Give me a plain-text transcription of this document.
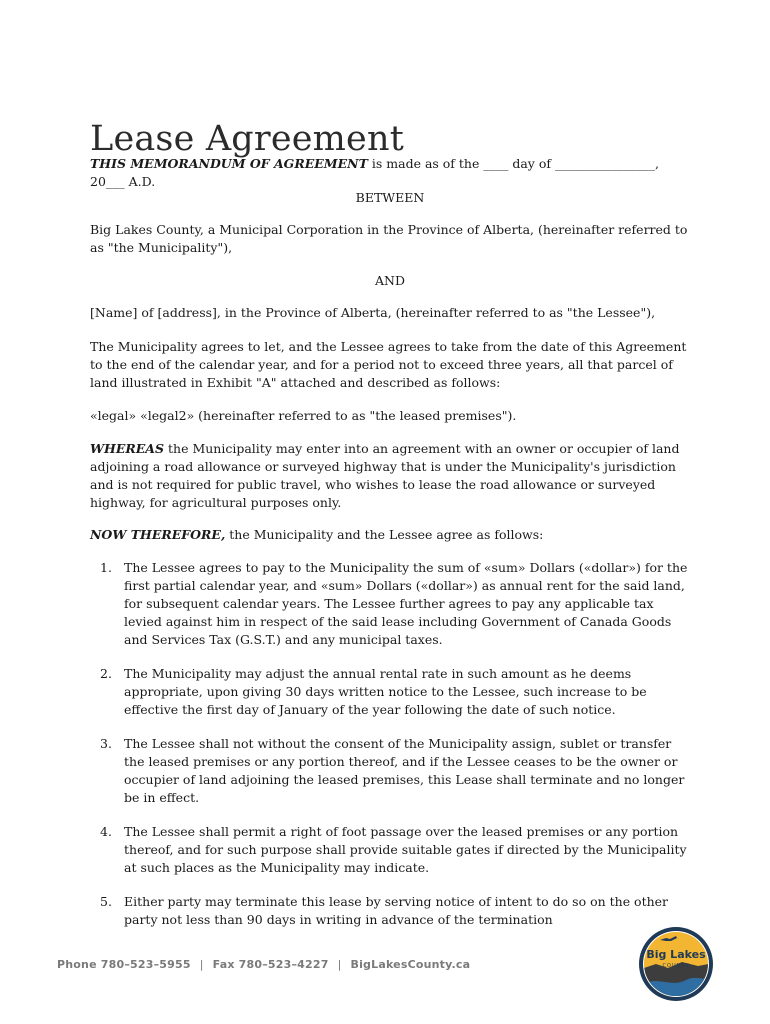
Lease Agreement

THIS MEMORANDUM OF AGREEMENT is made as of the ____ day of ________________, 20___ A.D.

BETWEEN

Big Lakes County, a Municipal Corporation in the Province of Alberta, (hereinafter referred to as "the Municipality"),

AND

[Name] of [address], in the Province of Alberta, (hereinafter referred to as "the Lessee"),

The Municipality agrees to let, and the Lessee agrees to take from the date of this Agreement to the end of the calendar year, and for a period not to exceed three years, all that parcel of land illustrated in Exhibit "A" attached and described as follows:

«legal» «legal2» (hereinafter referred to as "the leased premises").

WHEREAS the Municipality may enter into an agreement with an owner or occupier of land adjoining a road allowance or surveyed highway that is under the Municipality's jurisdiction and is not required for public travel, who wishes to lease the road allowance or surveyed highway, for agricultural purposes only.

NOW THEREFORE, the Municipality and the Lessee agree as follows:

1. The Lessee agrees to pay to the Municipality the sum of «sum» Dollars («dollar») for the first partial calendar year, and «sum» Dollars («dollar») as annual rent for the said land, for subsequent calendar years. The Lessee further agrees to pay any applicable tax levied against him in respect of the said lease including Government of Canada Goods and Services Tax (G.S.T.) and any municipal taxes.
2. The Municipality may adjust the annual rental rate in such amount as he deems appropriate, upon giving 30 days written notice to the Lessee, such increase to be effective the first day of January of the year following the date of such notice.
3. The Lessee shall not without the consent of the Municipality assign, sublet or transfer the leased premises or any portion thereof, and if the Lessee ceases to be the owner or occupier of land adjoining the leased premises, this Lease shall terminate and no longer be in effect.
4. The Lessee shall permit a right of foot passage over the leased premises or any portion thereof, and for such purpose shall provide suitable gates if directed by the Municipality at such places as the Municipality may indicate.
5. Either party may terminate this lease by serving notice of intent to do so on the other party not less than 90 days in writing in advance of the termination
Phone 780–523–5955 | Fax 780–523–4227 | BigLakesCounty.ca
Big Lakes
COUNTY
